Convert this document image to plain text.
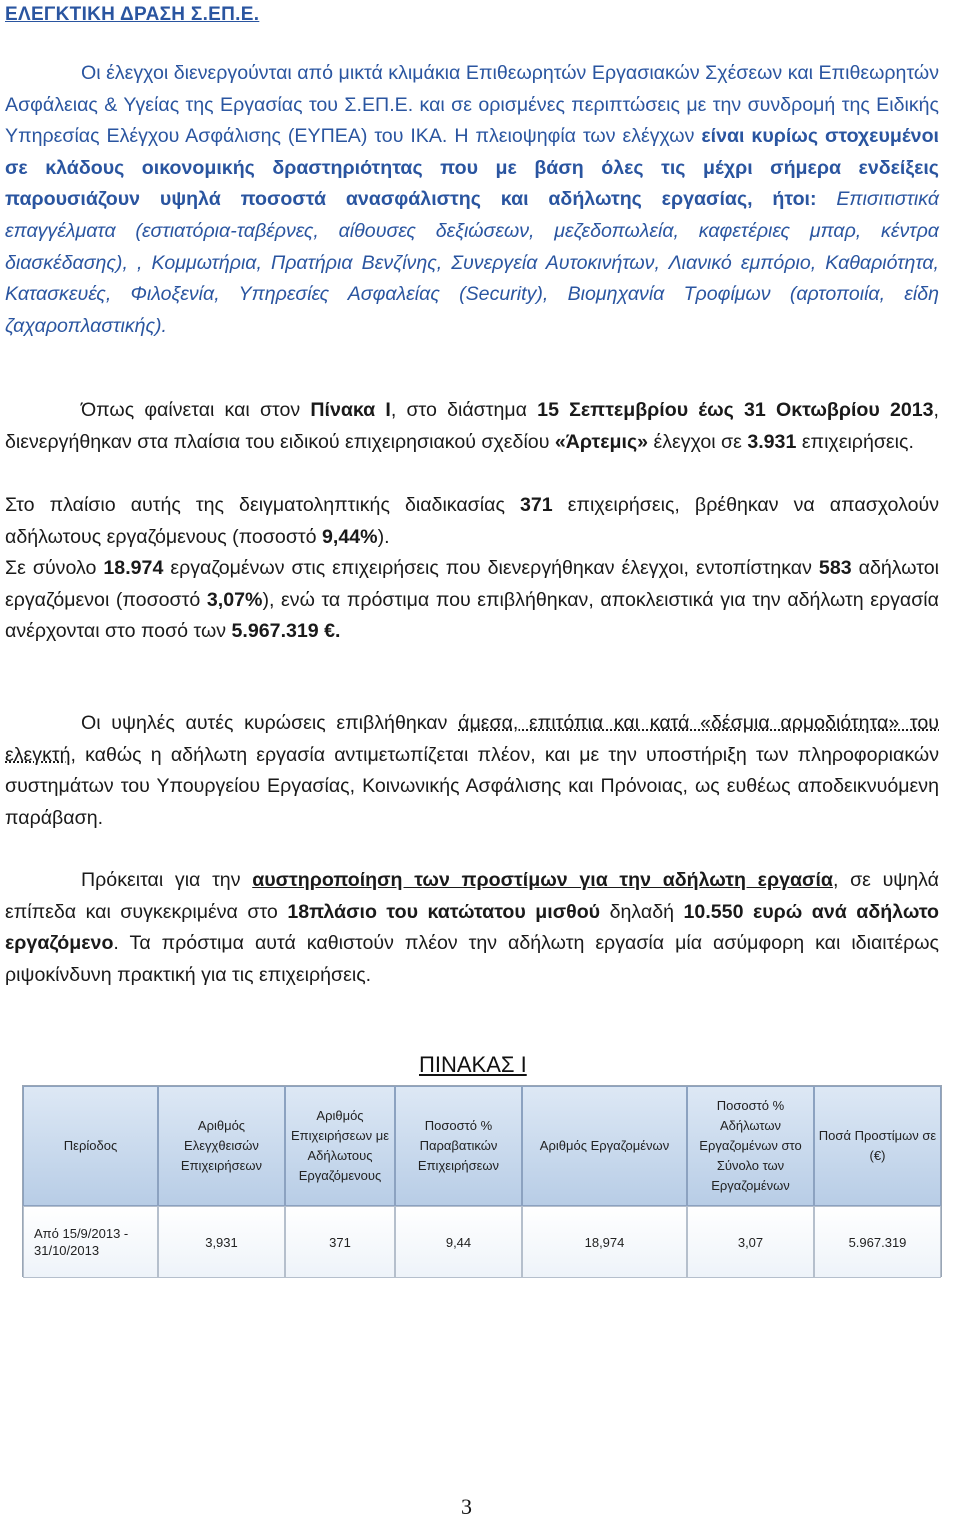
ΕΛΕΓΚΤΙΚΗ ΔΡΑΣΗ Σ.ΕΠ.Ε.
Οι έλεγχοι διενεργούνται από μικτά κλιμάκια Επιθεωρητών Εργασιακών Σχέσεων και Επιθεωρητών Ασφάλειας & Υγείας της Εργασίας του Σ.ΕΠ.Ε. και σε ορισμένες περιπτώσεις με την συνδρομή της Ειδικής Υπηρεσίας Ελέγχου Ασφάλισης (ΕΥΠΕΑ) του ΙΚΑ. Η πλειοψηφία των ελέγχων είναι κυρίως στοχευμένοι σε κλάδους οικονομικής δραστηριότητας που με βάση όλες τις μέχρι σήμερα ενδείξεις παρουσιάζουν υψηλά ποσοστά ανασφάλιστης και αδήλωτης εργασίας, ήτοι: Επισιτιστικά επαγγέλματα (εστιατόρια-ταβέρνες, αίθουσες δεξιώσεων, μεζεδοπωλεία, καφετέριες μπαρ, κέντρα διασκέδασης), , Κομμωτήρια, Πρατήρια Βενζίνης, Συνεργεία Αυτοκινήτων, Λιανικό εμπόριο, Καθαριότητα, Κατασκευές, Φιλοξενία, Υπηρεσίες Ασφαλείας (Security), Βιομηχανία Τροφίμων (αρτοποιία, είδη ζαχαροπλαστικής).
Όπως φαίνεται και στον Πίνακα Ι, στο διάστημα 15 Σεπτεμβρίου έως 31 Οκτωβρίου 2013, διενεργήθηκαν στα πλαίσια του ειδικού επιχειρησιακού σχεδίου «Άρτεμις» έλεγχοι σε 3.931 επιχειρήσεις.
Στο πλαίσιο αυτής της δειγματοληπτικής διαδικασίας 371 επιχειρήσεις, βρέθηκαν να απασχολούν αδήλωτους εργαζόμενους (ποσοστό 9,44%).
Σε σύνολο 18.974 εργαζομένων στις επιχειρήσεις που διενεργήθηκαν έλεγχοι, εντοπίστηκαν 583 αδήλωτοι εργαζόμενοι (ποσοστό 3,07%), ενώ τα πρόστιμα που επιβλήθηκαν, αποκλειστικά για την αδήλωτη εργασία ανέρχονται στο ποσό των 5.967.319 €.
Οι υψηλές αυτές κυρώσεις επιβλήθηκαν άμεσα, επιτόπια και κατά «δέσμια αρμοδιότητα» του ελεγκτή, καθώς η αδήλωτη εργασία αντιμετωπίζεται πλέον, και με την υποστήριξη των πληροφοριακών συστημάτων του Υπουργείου Εργασίας, Κοινωνικής Ασφάλισης και Πρόνοιας, ως ευθέως αποδεικνυόμενη παράβαση.
Πρόκειται για την αυστηροποίηση των προστίμων για την αδήλωτη εργασία, σε υψηλά επίπεδα και συγκεκριμένα στο 18πλάσιο του κατώτατου μισθού δηλαδή 10.550 ευρώ ανά αδήλωτο εργαζόμενο. Τα πρόστιμα αυτά καθιστούν πλέον την αδήλωτη εργασία μία ασύμφορη και ιδιαιτέρως ριψοκίνδυνη πρακτική για τις επιχειρήσεις.
ΠΙΝΑΚΑΣ Ι
Περίοδος	Αριθμός Ελεγχθεισών Επιχειρήσεων	Αριθμός Επιχειρήσεων με Αδήλωτους Εργαζόμενους	Ποσοστό % Παραβατικών Επιχειρήσεων	Αριθμός Εργαζομένων	Ποσοστό % Αδήλωτων Εργαζομένων στο Σύνολο των Εργαζομένων	Ποσά Προστίμων σε (€)

Από 15/9/2013 -
31/10/2013	3,931	371	9,44	18,974	3,07	5.967.319
3
